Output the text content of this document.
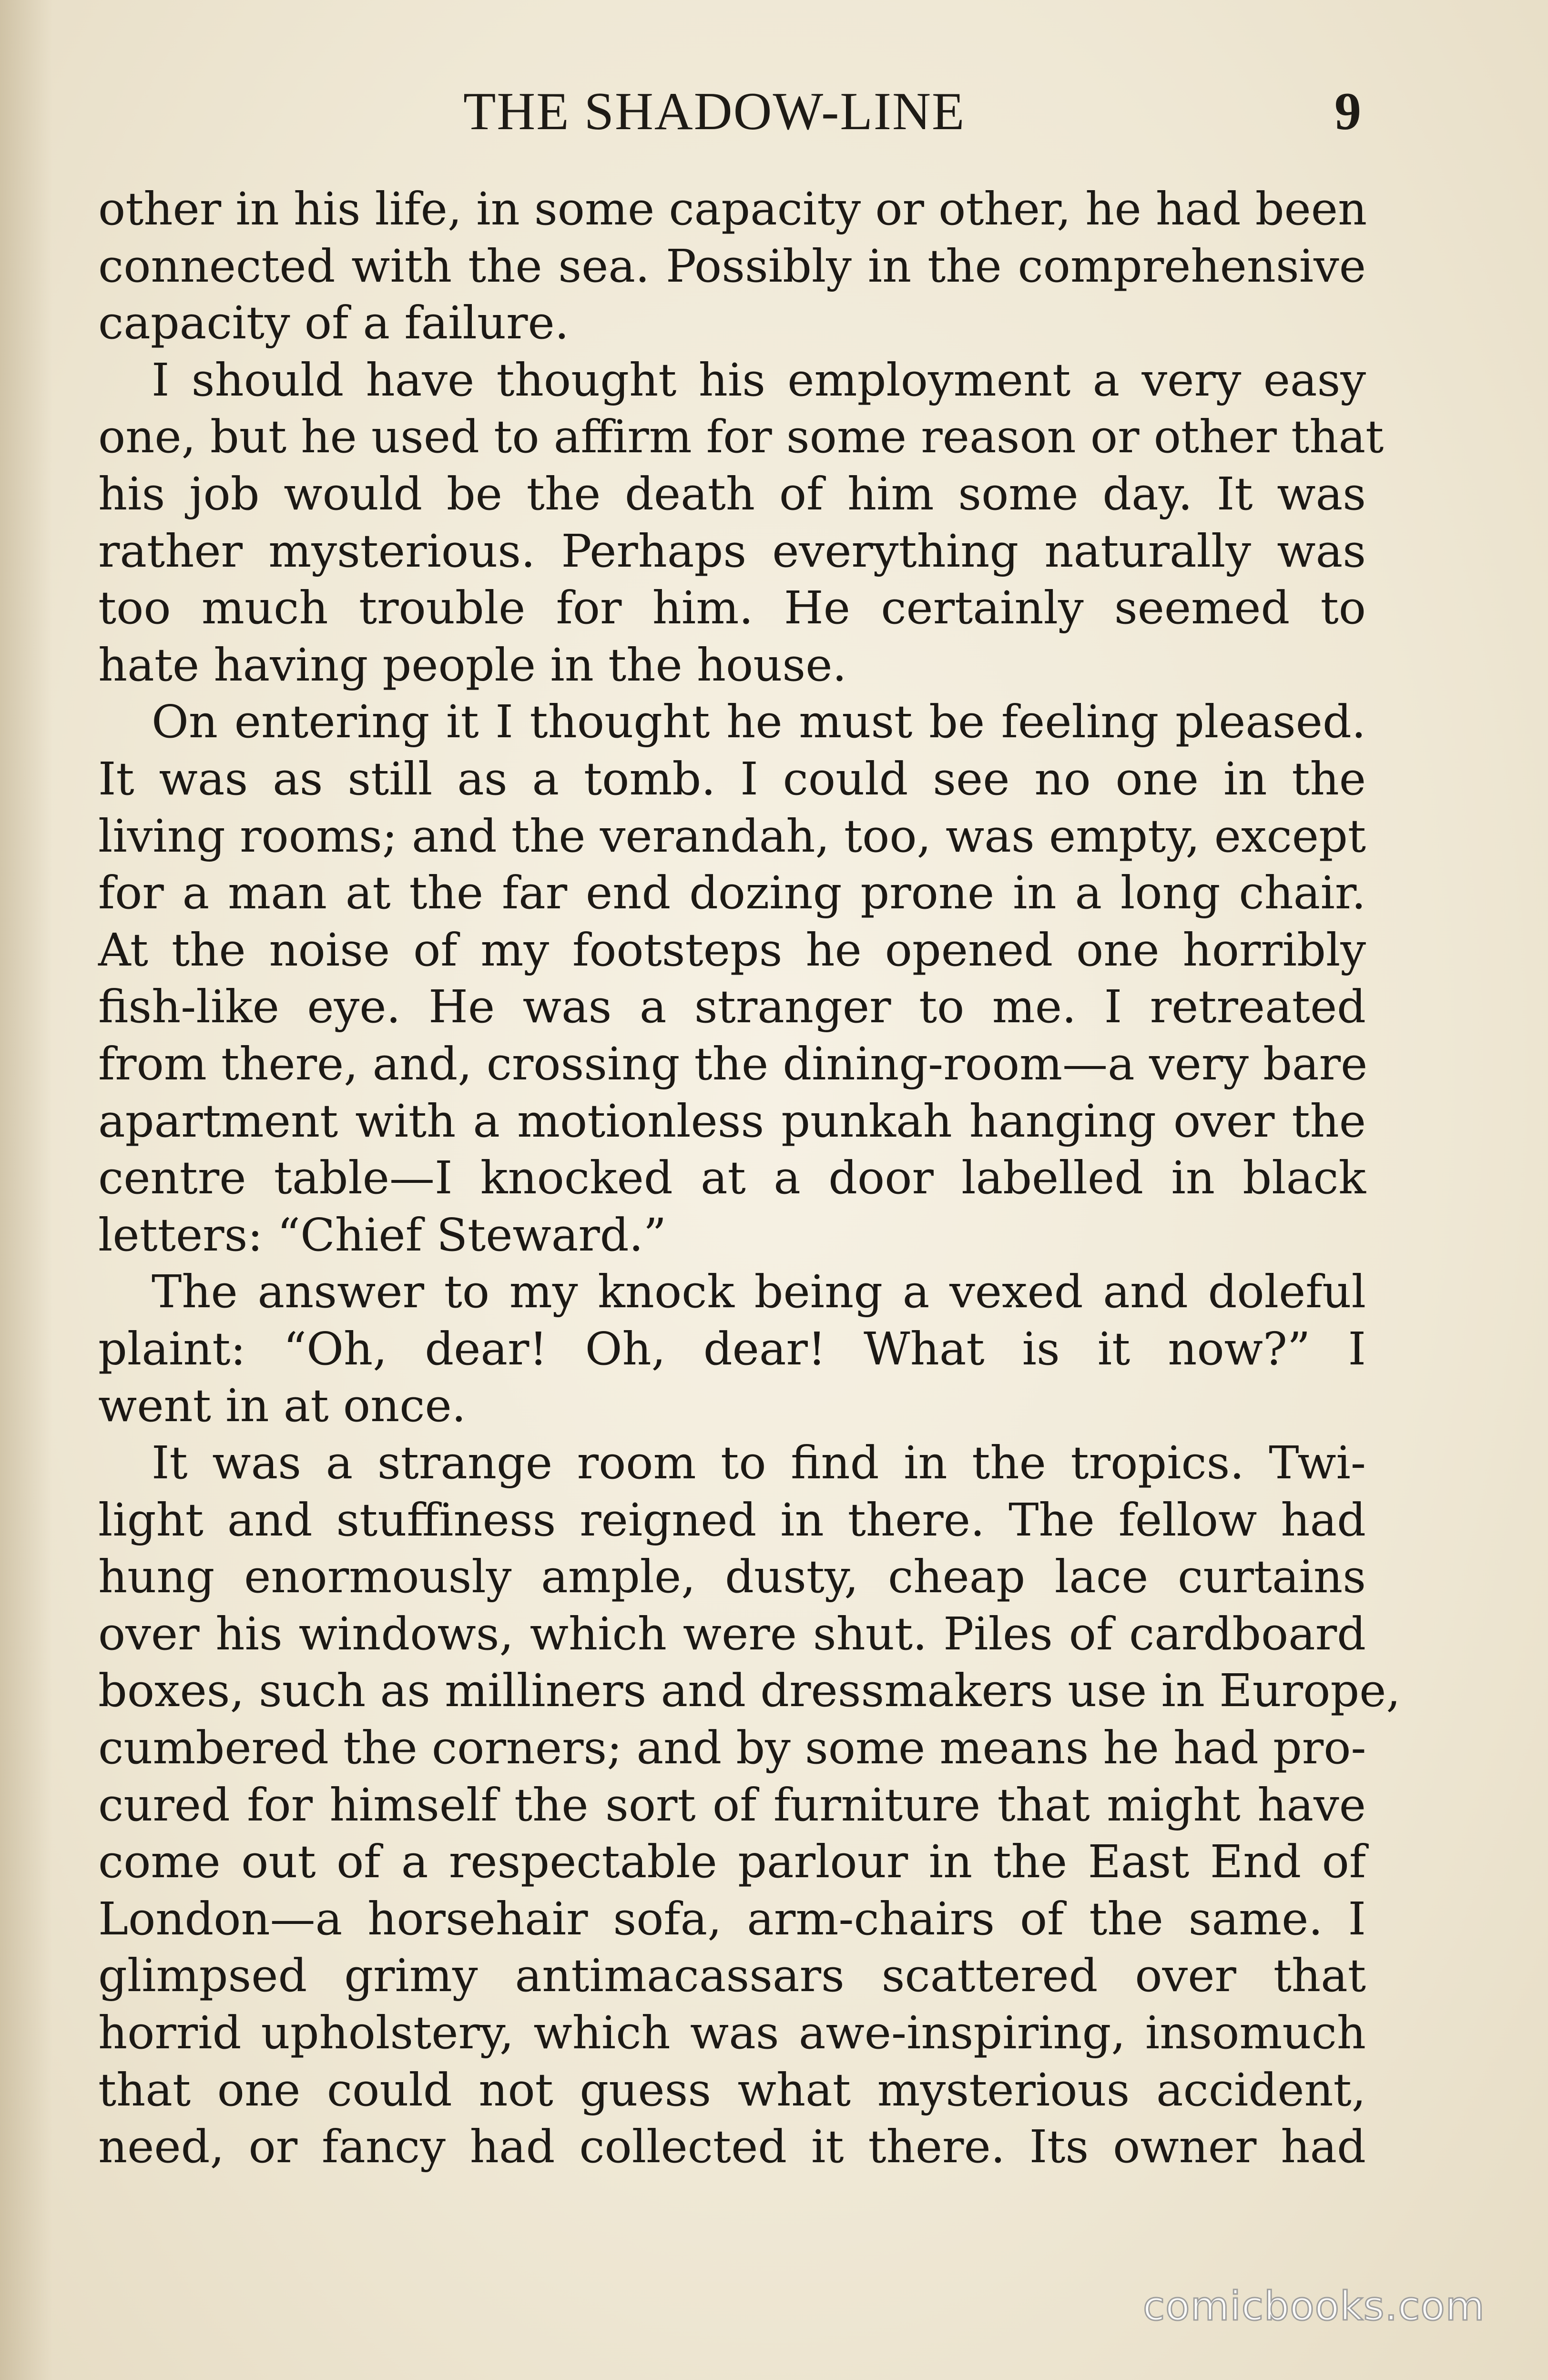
THE SHADOW-LINE	9
other in his life, in some capacity or other, he had been
connected with the sea. Possibly in the comprehensive
capacity of a failure.
I should have thought his employment a very easy
one, but he used to affirm for some reason or other that
his job would be the death of him some day. It was
rather mysterious. Perhaps everything naturally was
too much trouble for him. He certainly seemed to
hate having people in the house.
On entering it I thought he must be feeling pleased.
It was as still as a tomb. I could see no one in the
living rooms; and the verandah, too, was empty, except
for a man at the far end dozing prone in a long chair.
At the noise of my footsteps he opened one horribly
fish-like eye. He was a stranger to me. I retreated
from there, and, crossing the dining-room—a very bare
apartment with a motionless punkah hanging over the
centre table—I knocked at a door labelled in black
letters: “Chief Steward.”
The answer to my knock being a vexed and doleful
plaint: “Oh, dear! Oh, dear! What is it now?” I
went in at once.
It was a strange room to find in the tropics. Twi-
light and stuffiness reigned in there. The fellow had
hung enormously ample, dusty, cheap lace curtains
over his windows, which were shut. Piles of cardboard
boxes, such as milliners and dressmakers use in Europe,
cumbered the corners; and by some means he had pro-
cured for himself the sort of furniture that might have
come out of a respectable parlour in the East End of
London—a horsehair sofa, arm-chairs of the same. I
glimpsed grimy antimacassars scattered over that
horrid upholstery, which was awe-inspiring, insomuch
that one could not guess what mysterious accident,
need, or fancy had collected it there. Its owner had
comicbooks.com
